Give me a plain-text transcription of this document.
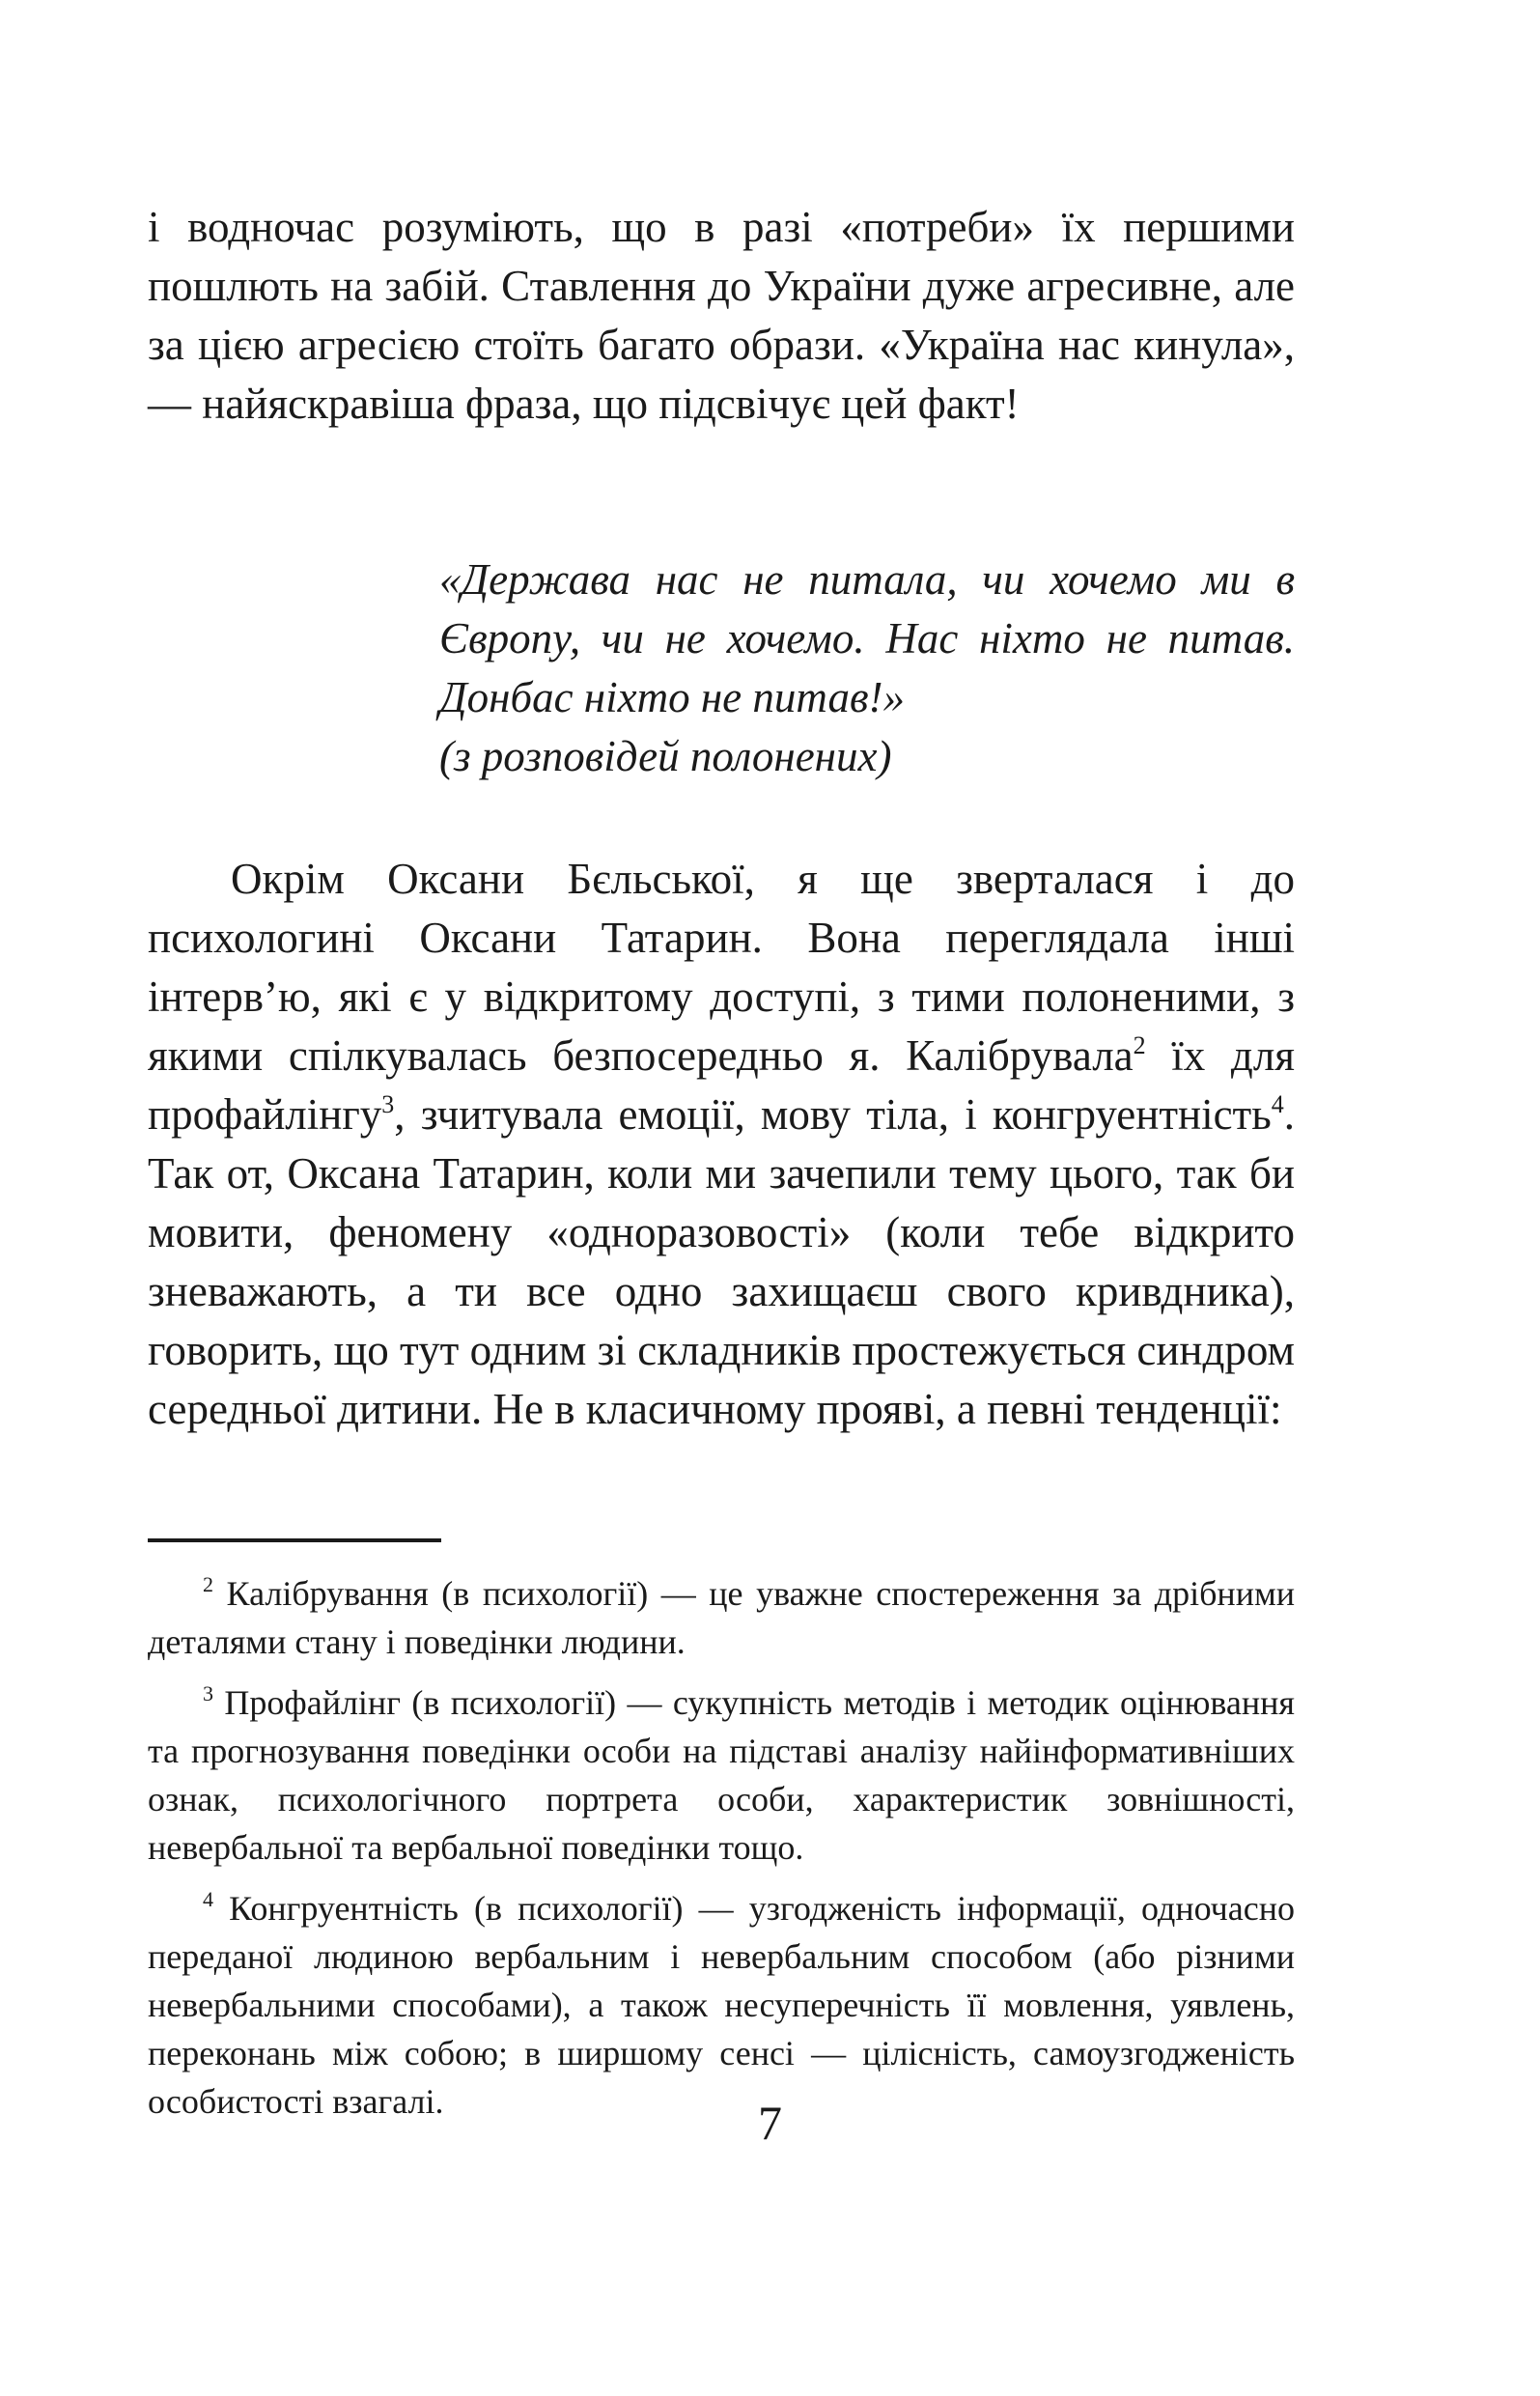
і водночас розуміють, що в разі «потреби» їх першими пошлють на забій. Ставлення до України дуже агресивне, але за цією агресією стоїть багато образи. «Україна нас кинула», — найяскравіша фраза, що підсвічує цей факт!

«Держава нас не питала, чи хочемо ми в Європу, чи не хочемо. Нас ніхто не питав. Донбас ніхто не питав!»
(з розповідей полонених)

Окрім Оксани Бєльської, я ще зверталася і до психологині Оксани Татарин. Вона переглядала інші інтерв’ю, які є у відкритому доступі, з тими полоненими, з якими спілкувалась безпосередньо я. Калібрувала$^2$ їх для профайлінгу$^3$, зчитувала емоції, мову тіла, і конгруентність$^4$. Так от, Оксана Татарин, коли ми зачепили тему цього, так би мовити, феномену «одноразовості» (коли тебе відкрито зневажають, а ти все одно захищаєш свого кривдника), говорить, що тут одним зі складників простежується синдром середньої дитини. Не в класичному прояві, а певні тенденції:

$^2$ Калібрування (в психології) — це уважне спостереження за дрібними деталями стану і поведінки людини.

$^3$ Профайлінг (в психології) — сукупність методів і методик оцінювання та прогнозування поведінки особи на підставі аналізу найінформативніших ознак, психологічного портрета особи, характеристик зовнішності, невербальної та вербальної поведінки тощо.

$^4$ Конгруентність (в психології) — узгодженість інформації, одночасно переданої людиною вербальним і невербальним способом (або різними невербальними способами), а також несуперечність її мовлення, уявлень, переконань між собою; в ширшому сенсі — цілісність, самоузгодженість особистості взагалі.	7
